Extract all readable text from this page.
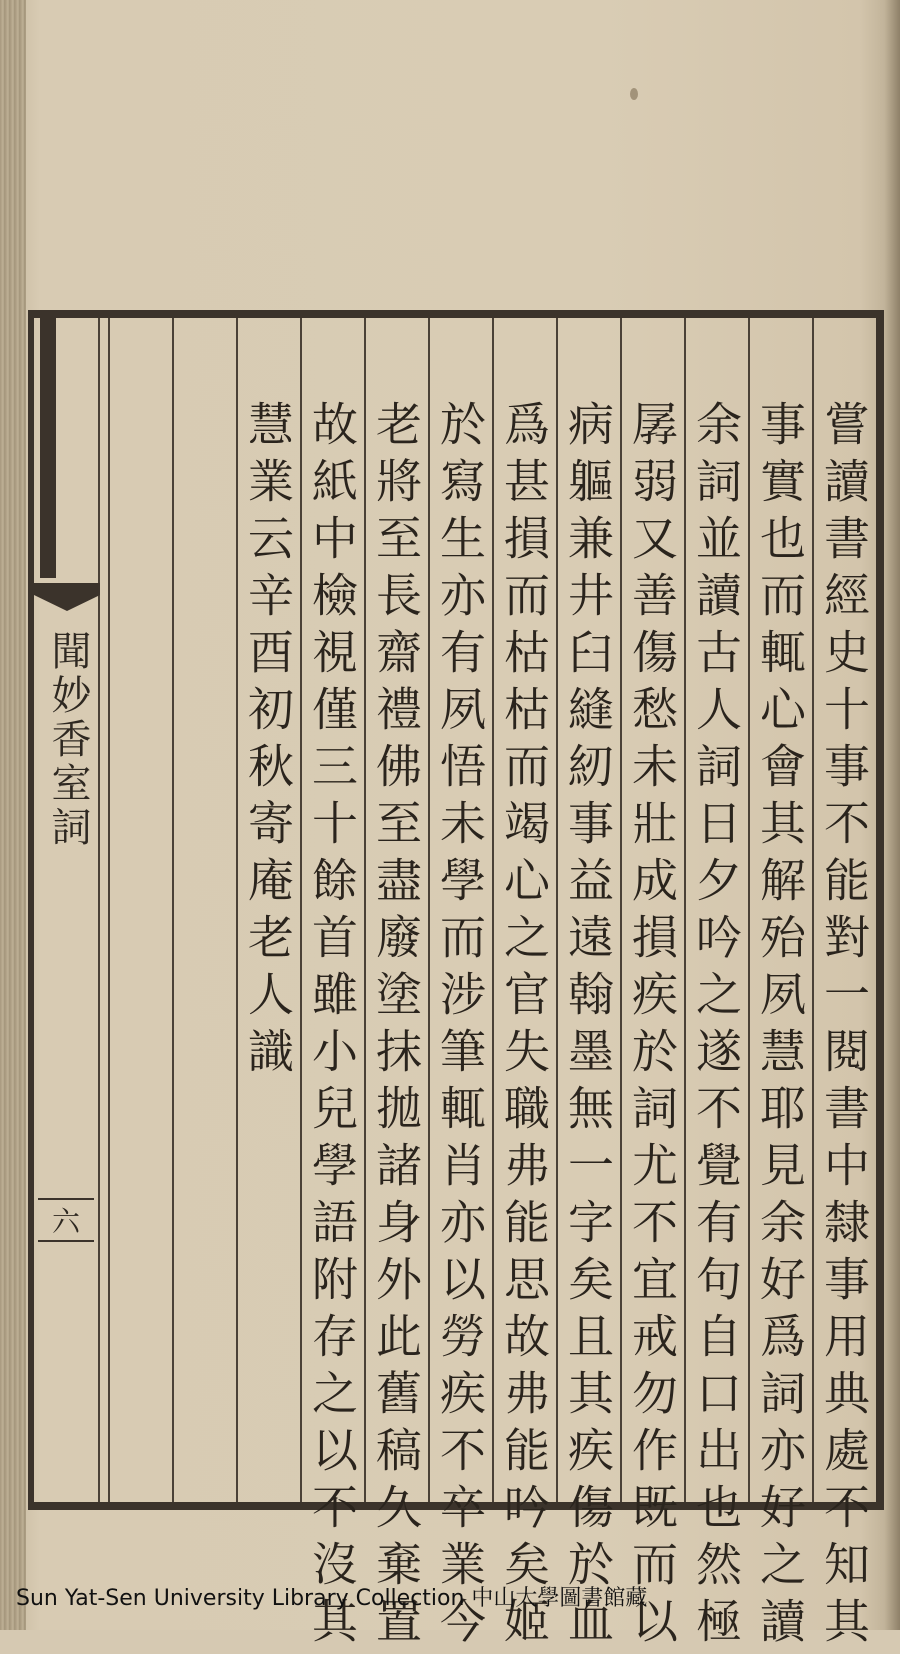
聞妙香室詞
六	嘗讀書經史十事不能對一閱書中隸事用典處不知其
事實也而輒心會其解殆夙慧耶見余好爲詞亦好之讀
余詞並讀古人詞日夕吟之遂不覺有句自口出也然極
孱弱又善傷愁未壯成損疾於詞尤不宜戒勿作既而以
病軀兼井臼縫紉事益遠翰墨無一字矣且其疾傷於血
爲甚損而枯枯而竭心之官失職弗能思故弗能吟矣姬
於寫生亦有夙悟未學而涉筆輒肖亦以勞疾不卒業今
老將至長齋禮佛至盡廢塗抹拋諸身外此舊稿久棄置
故紙中檢視僅三十餘首雖小兒學語附存之以不沒其
慧業云辛酉初秋寄庵老人識
Sun Yat-Sen University Library Collection 中山大學圖書館藏
